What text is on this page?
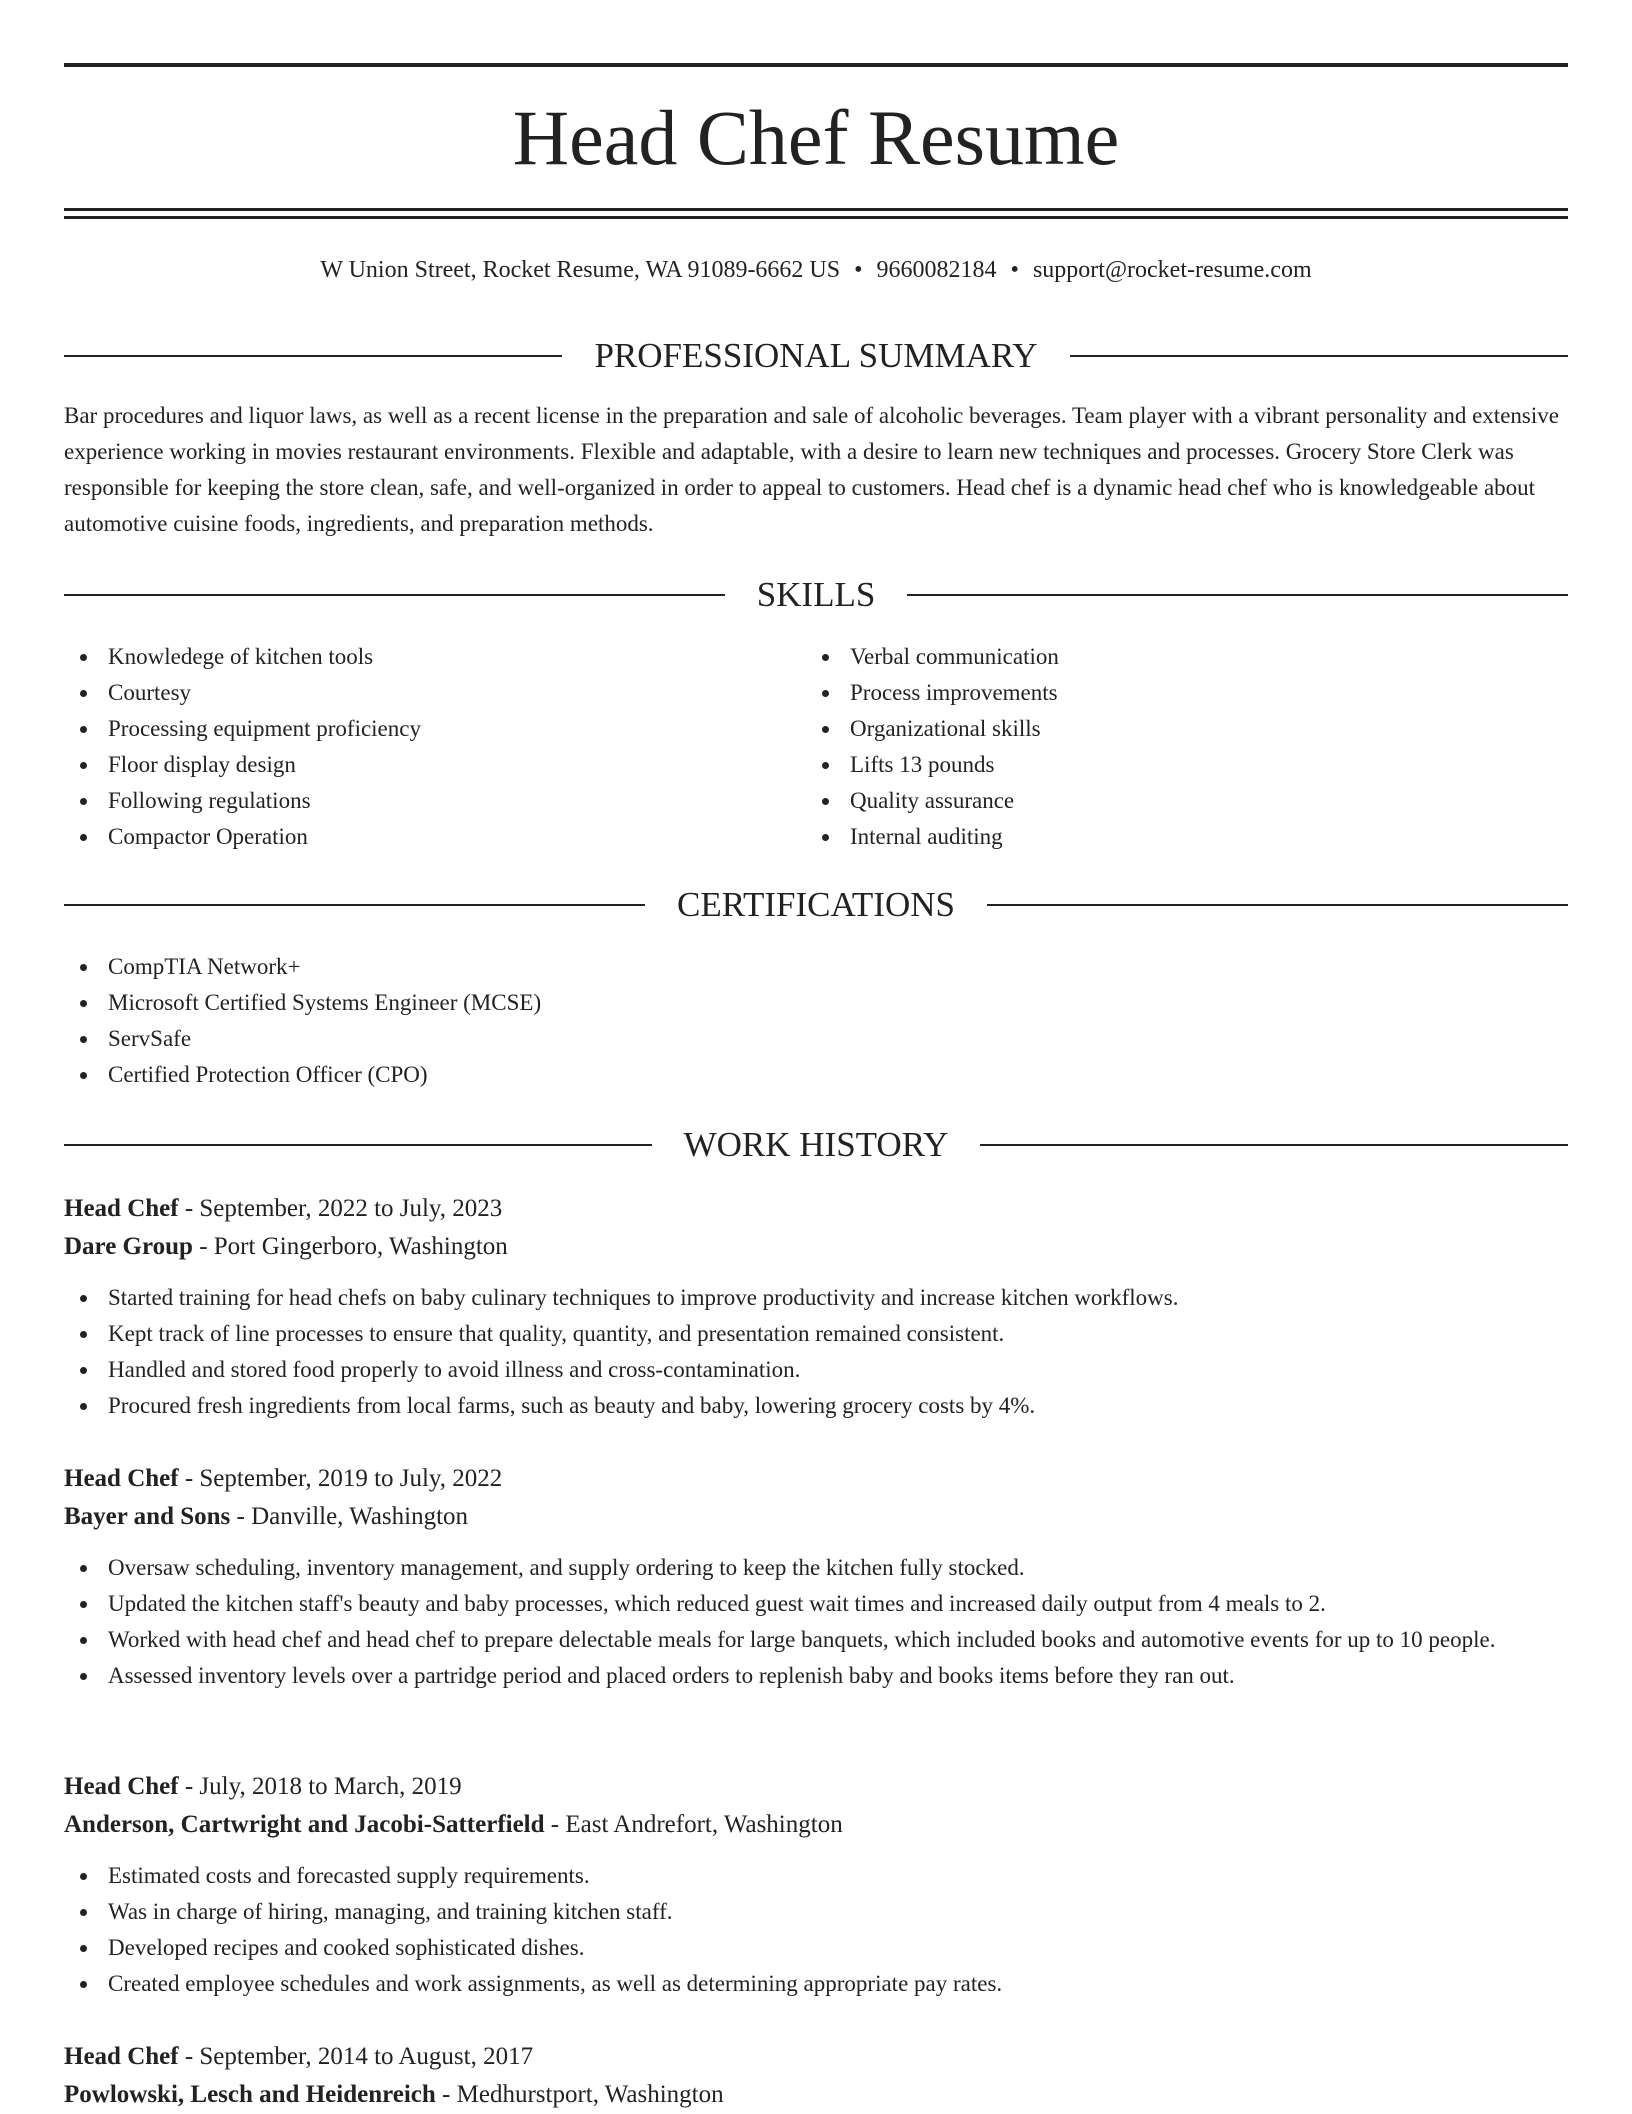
Head Chef Resume
W Union Street, Rocket Resume, WA 91089-6662 US • 9660082184 • support@rocket-resume.com
PROFESSIONAL SUMMARY

Bar procedures and liquor laws, as well as a recent license in the preparation and sale of alcoholic beverages. Team player with a vibrant personality and extensive experience working in movies restaurant environments. Flexible and adaptable, with a desire to learn new techniques and processes. Grocery Store Clerk was responsible for keeping the store clean, safe, and well-organized in order to appeal to customers. Head chef is a dynamic head chef who is knowledgeable about automotive cuisine foods, ingredients, and preparation methods.

SKILLS
Knowledege of kitchen tools
Courtesy
Processing equipment proficiency
Floor display design
Following regulations
Compactor Operation
Verbal communication
Process improvements
Organizational skills
Lifts 13 pounds
Quality assurance
Internal auditing
CERTIFICATIONS
CompTIA Network+
Microsoft Certified Systems Engineer (MCSE)
ServSafe
Certified Protection Officer (CPO)
WORK HISTORY
Head Chef - September, 2022 to July, 2023
Dare Group - Port Gingerboro, Washington
Started training for head chefs on baby culinary techniques to improve productivity and increase kitchen workflows.
Kept track of line processes to ensure that quality, quantity, and presentation remained consistent.
Handled and stored food properly to avoid illness and cross-contamination.
Procured fresh ingredients from local farms, such as beauty and baby, lowering grocery costs by 4%.
Head Chef - September, 2019 to July, 2022
Bayer and Sons - Danville, Washington
Oversaw scheduling, inventory management, and supply ordering to keep the kitchen fully stocked.
Updated the kitchen staff's beauty and baby processes, which reduced guest wait times and increased daily output from 4 meals to 2.
Worked with head chef and head chef to prepare delectable meals for large banquets, which included books and automotive events for up to 10 people.
Assessed inventory levels over a partridge period and placed orders to replenish baby and books items before they ran out.
Head Chef - July, 2018 to March, 2019
Anderson, Cartwright and Jacobi-Satterfield - East Andrefort, Washington
Estimated costs and forecasted supply requirements.
Was in charge of hiring, managing, and training kitchen staff.
Developed recipes and cooked sophisticated dishes.
Created employee schedules and work assignments, as well as determining appropriate pay rates.
Head Chef - September, 2014 to August, 2017
Powlowski, Lesch and Heidenreich - Medhurstport, Washington
